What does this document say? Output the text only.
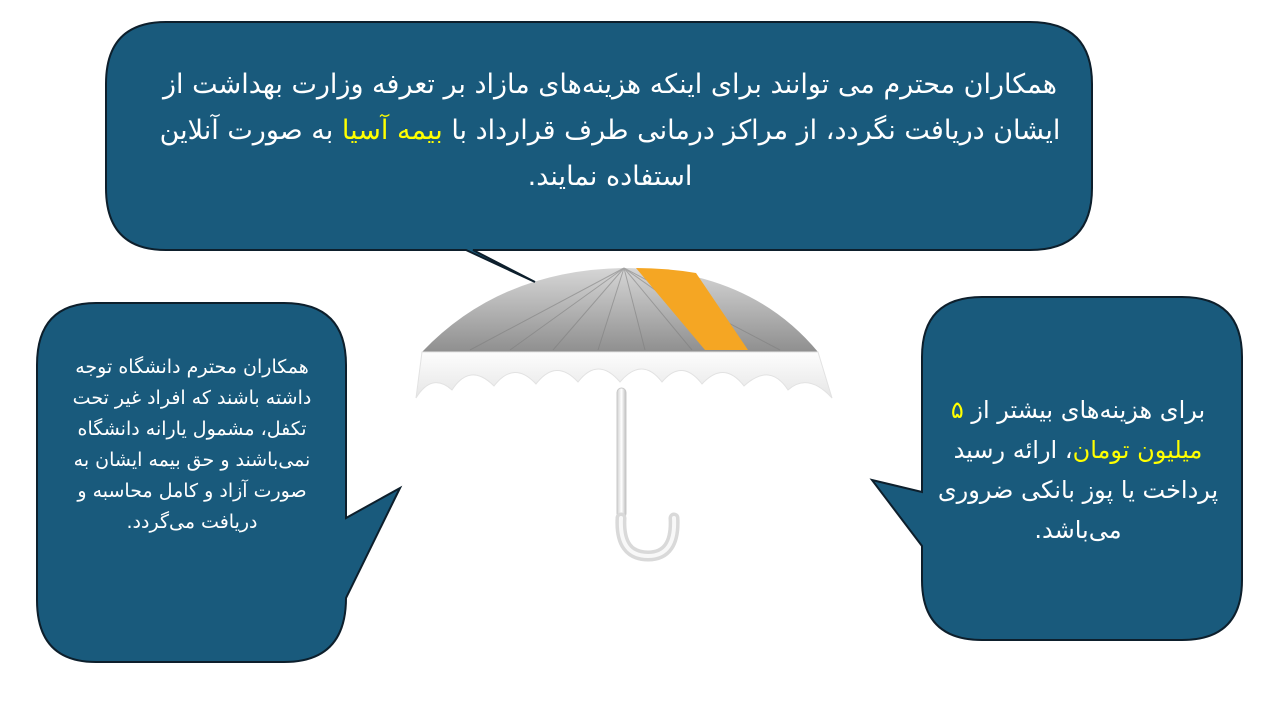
همکاران محترم می توانند برای اینکه هزینه‌های مازاد بر تعرفه وزارت بهداشت از ایشان دریافت نگردد، از مراکز درمانی طرف قرارداد با بیمه آسیا به صورت آنلاین استفاده نمایند.
همکاران محترم دانشگاه توجه داشته باشند که افراد غیر تحت تکفل، مشمول یارانه دانشگاه نمی‌باشند و حق بیمه ایشان به صورت آزاد و کامل محاسبه و دریافت می‌گردد.
برای هزینه‌های بیشتر از ۵ میلیون تومان، ارائه رسید پرداخت یا پوز بانکی ضروری می‌باشد.
